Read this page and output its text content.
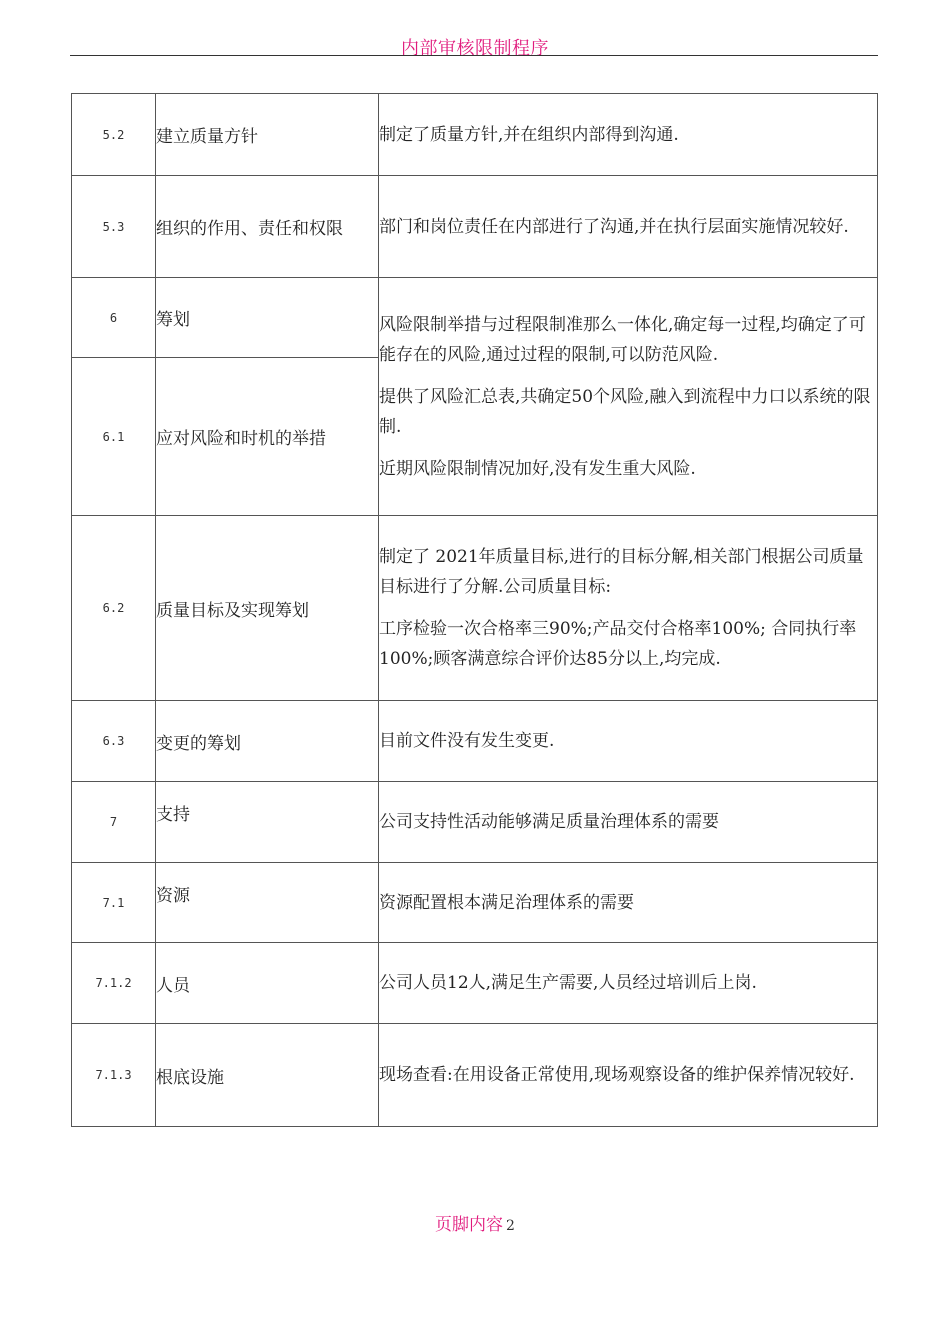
内部审核限制程序
5.2	建立质量方针	制定了质量方针,并在组织内部得到沟通.

5.3	组织的作用、责任和权限	部门和岗位责任在内部进行了沟通,并在执行层面实施情况较好.

6	筹划	风险限制举措与过程限制准那么一体化,确定每一过程,均确定了可能存在的风险,通过过程的限制,可以防范风险.

提供了风险汇总表,共确定50个风险,融入到流程中力口以系统的限制.

近期风险限制情况加好,没有发生重大风险.

6.1	应对风险和时机的举措	
6.2	质量目标及实现筹划	制定了 2021年质量目标,进行的目标分解,相关部门根据公司质量目标进行了分解.公司质量目标:

工序检验一次合格率三90%;产品交付合格率100%; 合同执行率100%;顾客满意综合评价达85分以上,均完成.

6.3	变更的筹划	目前文件没有发生变更.

7	支持	公司支持性活动能够满足质量治理体系的需要

7.1	资源	资源配置根本满足治理体系的需要

7.1.2	人员	公司人员12人,满足生产需要,人员经过培训后上岗.

7.1.3	根底设施	现场查看:在用设备正常使用,现场观察设备的维护保养情况较好.

页脚内容 2
